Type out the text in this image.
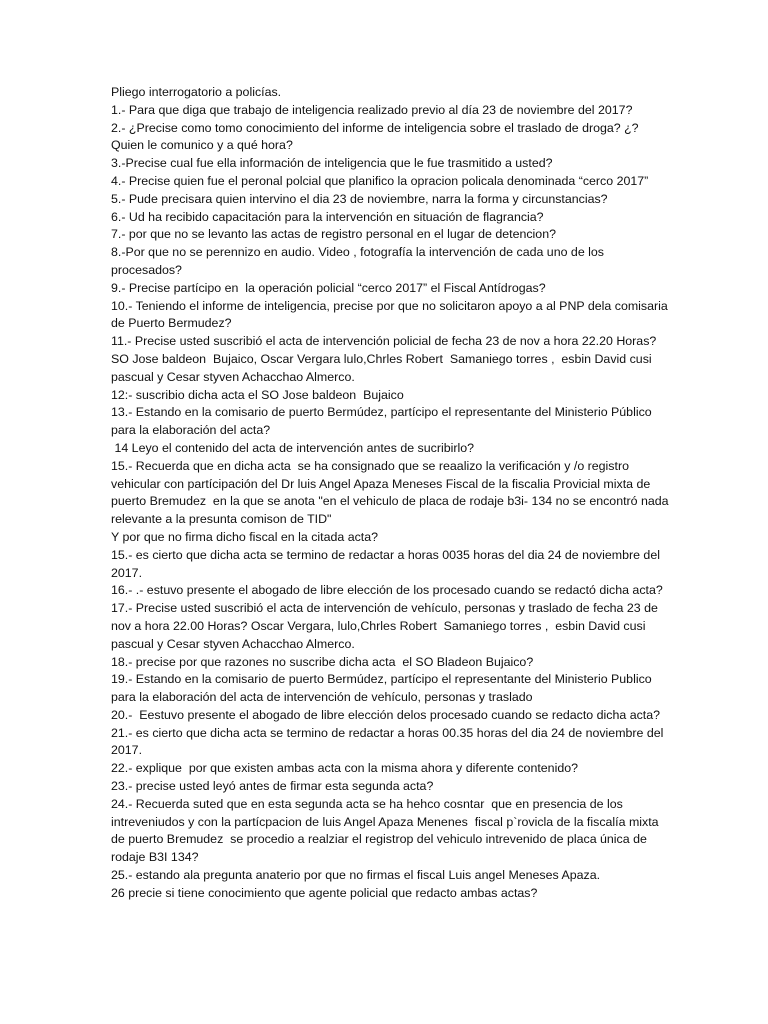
Pliego interrogatorio a policías.

1.- Para que diga que trabajo de inteligencia realizado previo al día 23 de noviembre del 2017?

2.- ¿Precise como tomo conocimiento del informe de inteligencia sobre el traslado de droga? ¿?

Quien le comunico y a qué hora?

3.-Precise cual fue ella información de inteligencia que le fue trasmitido a usted?

4.- Precise quien fue el peronal polcial que planifico la opracion policala denominada “cerco 2017”

5.- Pude precisara quien intervino el dia 23 de noviembre, narra la forma y circunstancias?

6.- Ud ha recibido capacitación para la intervención en situación de flagrancia?

7.- por que no se levanto las actas de registro personal en el lugar de detencion?

8.-Por que no se perennizo en audio. Video , fotografía la intervención de cada uno de los

procesados?

9.- Precise partícipo en  la operación policial “cerco 2017” el Fiscal Antídrogas?

10.- Teniendo el informe de inteligencia, precise por que no solicitaron apoyo a al PNP dela comisaria

de Puerto Bermudez?

11.- Precise usted suscribió el acta de intervención policial de fecha 23 de nov a hora 22.20 Horas?

SO Jose baldeon  Bujaico, Oscar Vergara lulo,Chrles Robert  Samaniego torres ,  esbin David cusi

pascual y Cesar styven Achacchao Almerco.

12:- suscribio dicha acta el SO Jose baldeon  Bujaico

13.- Estando en la comisario de puerto Bermúdez, partícipo el representante del Ministerio Público

para la elaboración del acta?

14 Leyo el contenido del acta de intervención antes de sucribirlo?

15.- Recuerda que en dicha acta  se ha consignado que se reaalizo la verificación y /o registro

vehicular con partícipación del Dr luis Angel Apaza Meneses Fiscal de la fiscalia Provicial mixta de

puerto Bremudez  en la que se anota "en el vehiculo de placa de rodaje b3i- 134 no se encontró nada

relevante a la presunta comison de TID"

Y por que no firma dicho fiscal en la citada acta?

15.- es cierto que dicha acta se termino de redactar a horas 0035 horas del dia 24 de noviembre del

2017.

16.- .- estuvo presente el abogado de libre elección de los procesado cuando se redactó dicha acta?

17.- Precise usted suscribió el acta de intervención de vehículo, personas y traslado de fecha 23 de

nov a hora 22.00 Horas? Oscar Vergara, lulo,Chrles Robert  Samaniego torres ,  esbin David cusi

pascual y Cesar styven Achacchao Almerco.

18.- precise por que razones no suscribe dicha acta  el SO Bladeon Bujaico?

19.- Estando en la comisario de puerto Bermúdez, partícipo el representante del Ministerio Publico

para la elaboración del acta de intervención de vehículo, personas y traslado

20.-  Eestuvo presente el abogado de libre elección delos procesado cuando se redacto dicha acta?

21.- es cierto que dicha acta se termino de redactar a horas 00.35 horas del dia 24 de noviembre del

2017.

22.- explique  por que existen ambas acta con la misma ahora y diferente contenido?

23.- precise usted leyó antes de firmar esta segunda acta?

24.- Recuerda suted que en esta segunda acta se ha hehco cosntar  que en presencia de los

intreveniudos y con la partícpacion de luis Angel Apaza Menenes  fiscal p`rovicla de la fiscalía mixta

de puerto Bremudez  se procedio a realziar el registrop del vehiculo intrevenido de placa única de

rodaje B3I 134?

25.- estando ala pregunta anaterio por que no firmas el fiscal Luis angel Meneses Apaza.

26 precie si tiene conocimiento que agente policial que redacto ambas actas?
